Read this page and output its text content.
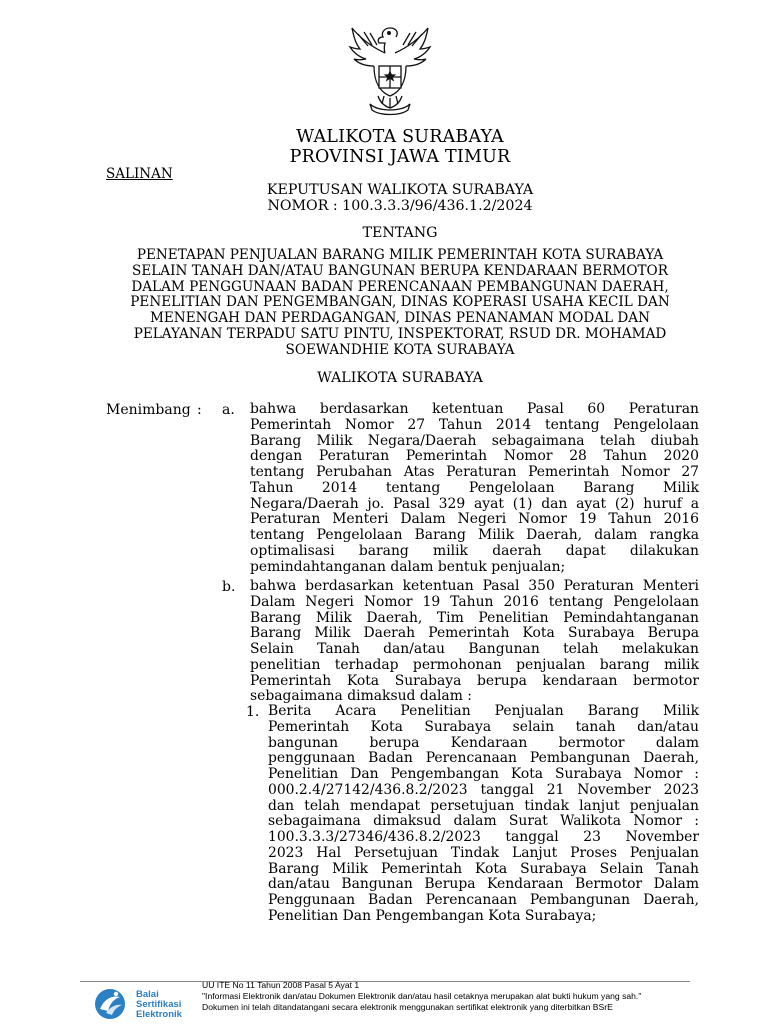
WALIKOTA SURABAYA
PROVINSI JAWA TIMUR
SALINAN
KEPUTUSAN WALIKOTA SURABAYA
NOMOR : 100.3.3.3/96/436.1.2/2024
TENTANG
PENETAPAN PENJUALAN BARANG MILIK PEMERINTAH KOTA SURABAYA
SELAIN TANAH DAN/ATAU BANGUNAN BERUPA KENDARAAN BERMOTOR
DALAM PENGGUNAAN BADAN PERENCANAAN PEMBANGUNAN DAERAH,
PENELITIAN DAN PENGEMBANGAN, DINAS KOPERASI USAHA KECIL DAN
MENENGAH DAN PERDAGANGAN, DINAS PENANAMAN MODAL DAN
PELAYANAN TERPADU SATU PINTU, INSPEKTORAT, RSUD DR. MOHAMAD
SOEWANDHIE KOTA SURABAYA
WALIKOTA SURABAYA
Menimbang : a. bahwa berdasarkan ketentuan Pasal 60 Peraturan
Pemerintah Nomor 27 Tahun 2014 tentang Pengelolaan
Barang Milik Negara/Daerah sebagaimana telah diubah
dengan Peraturan Pemerintah Nomor 28 Tahun 2020
tentang Perubahan Atas Peraturan Pemerintah Nomor 27
Tahun 2014 tentang Pengelolaan Barang Milik
Negara/Daerah jo. Pasal 329 ayat (1) dan ayat (2) huruf a
Peraturan Menteri Dalam Negeri Nomor 19 Tahun 2016
tentang Pengelolaan Barang Milik Daerah, dalam rangka
optimalisasi barang milik daerah dapat dilakukan
pemindahtanganan dalam bentuk penjualan;
b. bahwa berdasarkan ketentuan Pasal 350 Peraturan Menteri
Dalam Negeri Nomor 19 Tahun 2016 tentang Pengelolaan
Barang Milik Daerah, Tim Penelitian Pemindahtanganan
Barang Milik Daerah Pemerintah Kota Surabaya Berupa
Selain Tanah dan/atau Bangunan telah melakukan
penelitian terhadap permohonan penjualan barang milik
Pemerintah Kota Surabaya berupa kendaraan bermotor
sebagaimana dimaksud dalam :
1. Berita Acara Penelitian Penjualan Barang Milik
Pemerintah Kota Surabaya selain tanah dan/atau
bangunan berupa Kendaraan bermotor dalam
penggunaan Badan Perencanaan Pembangunan Daerah,
Penelitian Dan Pengembangan Kota Surabaya Nomor :
000.2.4/27142/436.8.2/2023 tanggal 21 November 2023
dan telah mendapat persetujuan tindak lanjut penjualan
sebagaimana dimaksud dalam Surat Walikota Nomor :
100.3.3.3/27346/436.8.2/2023 tanggal 23 November
2023 Hal Persetujuan Tindak Lanjut Proses Penjualan
Barang Milik Pemerintah Kota Surabaya Selain Tanah
dan/atau Bangunan Berupa Kendaraan Bermotor Dalam
Penggunaan Badan Perencanaan Pembangunan Daerah,
Penelitian Dan Pengembangan Kota Surabaya;
Balai
Sertifikasi
Elektronik
UU ITE No 11 Tahun 2008 Pasal 5 Ayat 1
"Informasi Elektronik dan/atau Dokumen Elektronik dan/atau hasil cetaknya merupakan alat bukti hukum yang sah."
Dokumen ini telah ditandatangani secara elektronik menggunakan sertifikat elektronik yang diterbitkan BSrE
